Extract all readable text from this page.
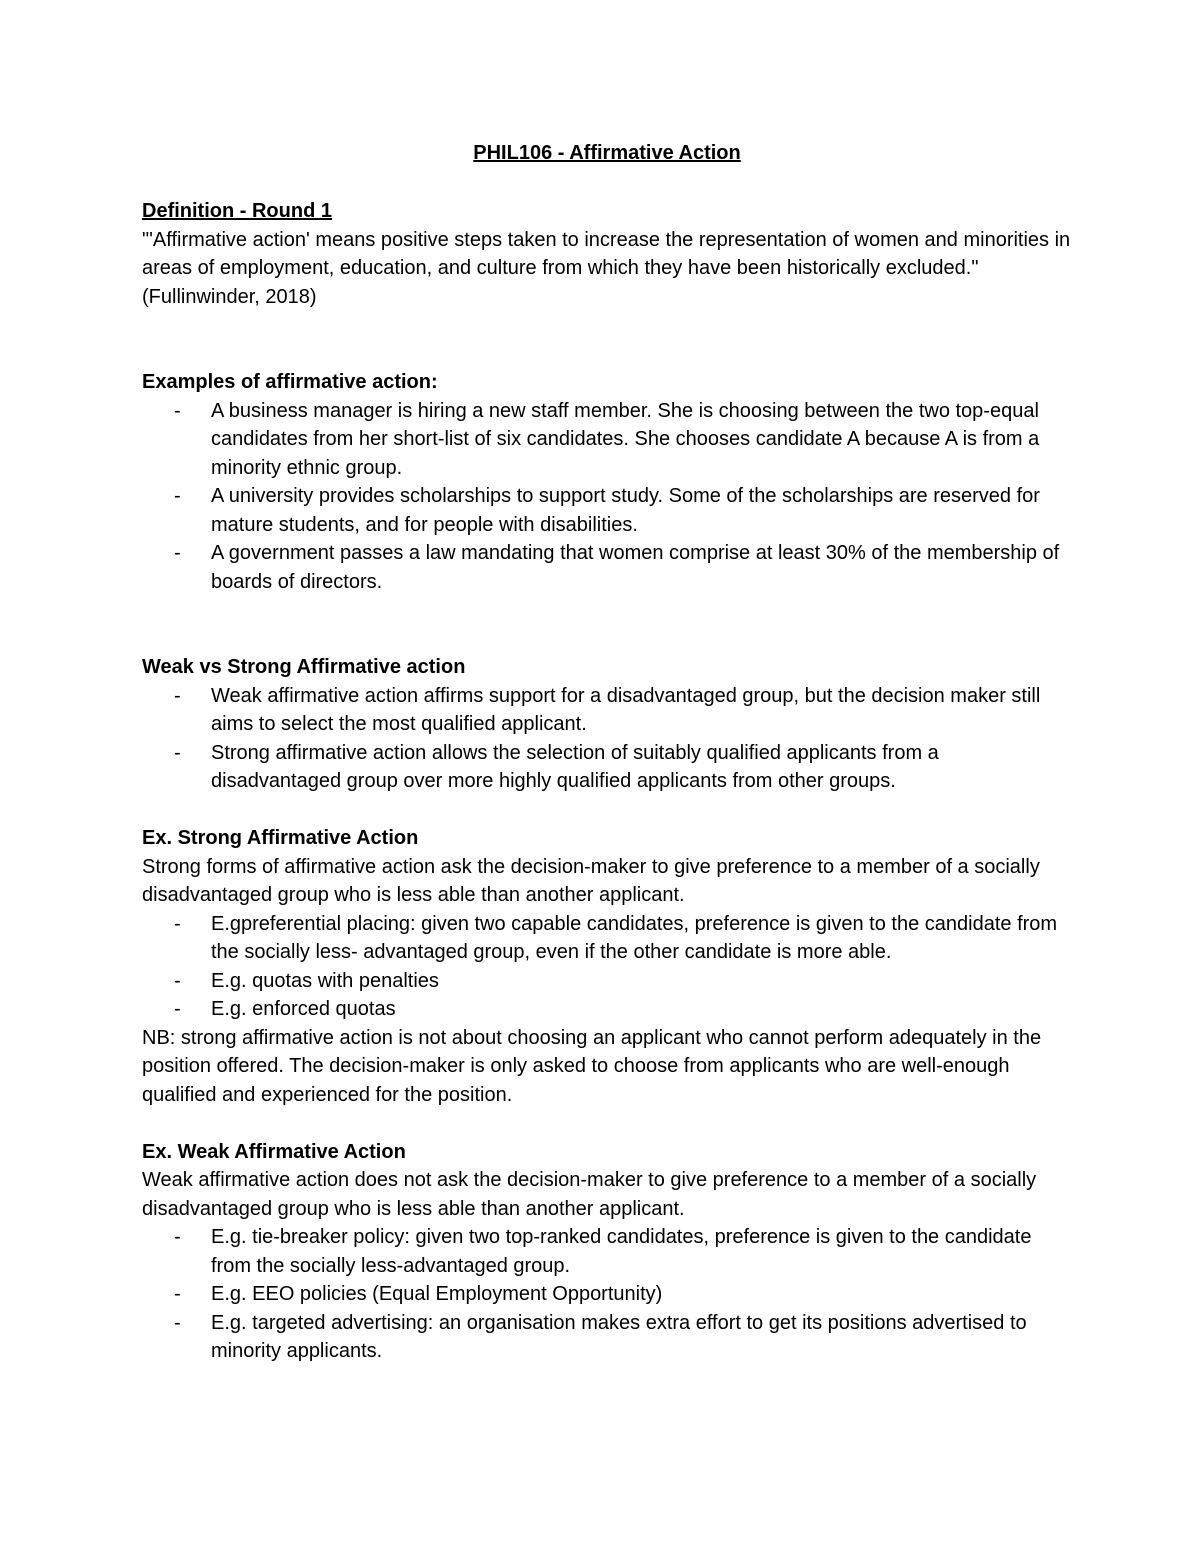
PHIL106 - Affirmative Action

Definition - Round 1

"'Affirmative action' means positive steps taken to increase the representation of women and minorities in areas of employment, education, and culture from which they have been historically excluded." (Fullinwinder, 2018)

Examples of affirmative action:

- A business manager is hiring a new staff member. She is choosing between the two top-equal candidates from her short-list of six candidates. She chooses candidate A because A is from a minority ethnic group.
- A university provides scholarships to support study. Some of the scholarships are reserved for mature students, and for people with disabilities.
- A government passes a law mandating that women comprise at least 30% of the membership of boards of directors.

Weak vs Strong Affirmative action

- Weak affirmative action affirms support for a disadvantaged group, but the decision maker still aims to select the most qualified applicant.
- Strong affirmative action allows the selection of suitably qualified applicants from a disadvantaged group over more highly qualified applicants from other groups.

Ex. Strong Affirmative Action

Strong forms of affirmative action ask the decision-maker to give preference to a member of a socially disadvantaged group who is less able than another applicant.

- E.gpreferential placing: given two capable candidates, preference is given to the candidate from the socially less- advantaged group, even if the other candidate is more able.
- E.g. quotas with penalties
- E.g. enforced quotas

NB: strong affirmative action is not about choosing an applicant who cannot perform adequately in the position offered. The decision-maker is only asked to choose from applicants who are well-enough qualified and experienced for the position.

Ex. Weak Affirmative Action

Weak affirmative action does not ask the decision-maker to give preference to a member of a socially disadvantaged group who is less able than another applicant.

- E.g. tie-breaker policy: given two top-ranked candidates, preference is given to the candidate from the socially less-advantaged group.
- E.g. EEO policies (Equal Employment Opportunity)
- E.g. targeted advertising: an organisation makes extra effort to get its positions advertised to minority applicants.
